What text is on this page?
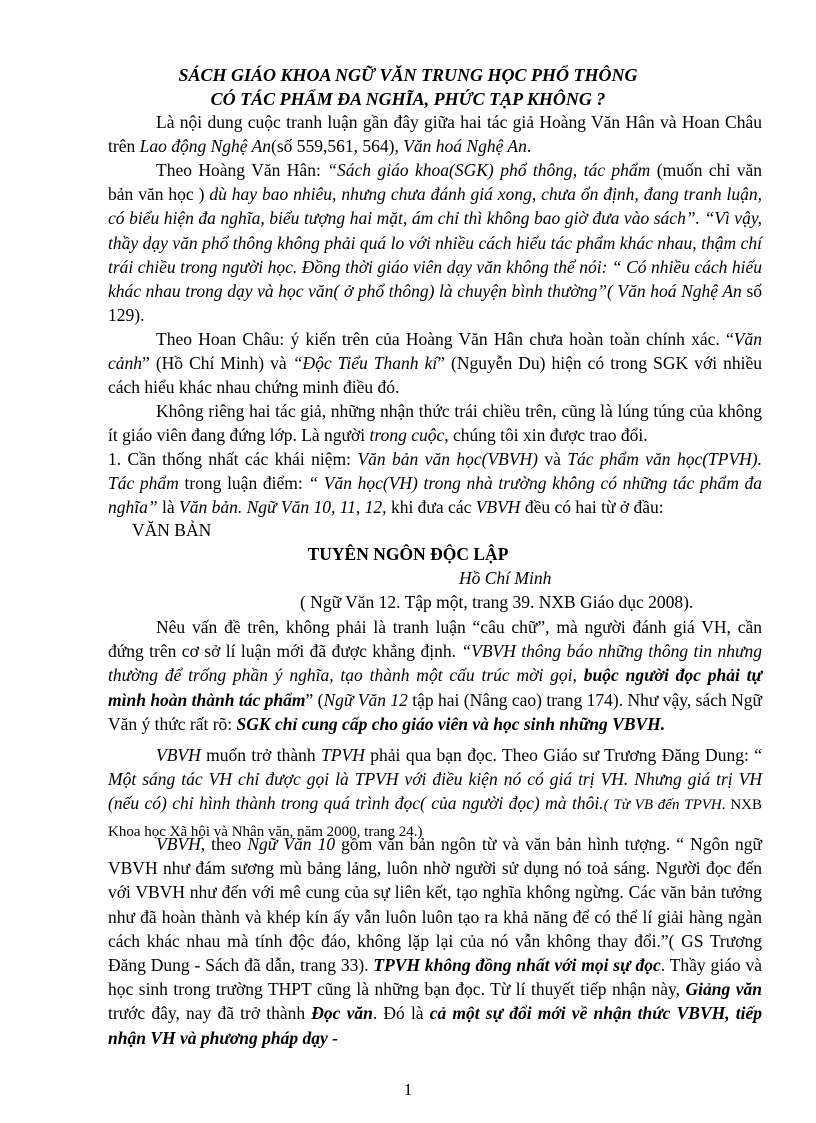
SÁCH GIÁO KHOA NGỮ VĂN TRUNG HỌC PHỔ THÔNG
CÓ TÁC PHẨM ĐA NGHĨA, PHỨC TẠP KHÔNG ?

Là nội dung cuộc tranh luận gần đây giữa hai tác giả Hoàng Văn Hân và Hoan Châu trên Lao động Nghệ An(số 559,561, 564), Văn hoá Nghệ An.

Theo Hoàng Văn Hân: “Sách giáo khoa(SGK) phổ thông, tác phẩm (muốn chỉ văn bản văn học ) dù hay bao nhiêu, nhưng chưa đánh giá xong, chưa ổn định, đang tranh luận, có biểu hiện đa nghĩa, biểu tượng hai mặt, ám chỉ thì không bao giờ đưa vào sách”. “Vì vậy, thầy dạy văn phổ thông không phải quá lo với nhiều cách hiểu tác phẩm khác nhau, thậm chí trái chiều trong người học. Đồng thời giáo viên dạy văn không thể nói: “ Có nhiều cách hiểu khác nhau trong dạy và học văn( ở phổ thông) là chuyện bình thường”( Văn hoá Nghệ An số 129).

Theo Hoan Châu: ý kiến trên của Hoàng Văn Hân chưa hoàn toàn chính xác. “Văn cảnh” (Hồ Chí Minh) và “Độc Tiểu Thanh kí” (Nguyễn Du) hiện có trong SGK với nhiều cách hiểu khác nhau chứng minh điều đó.

Không riêng hai tác giả, những nhận thức trái chiều trên, cũng là lúng túng của không ít giáo viên đang đứng lớp. Là người trong cuộc, chúng tôi xin được trao đổi.

1. Cần thống nhất các khái niệm: Văn bản văn học(VBVH) và Tác phẩm văn học(TPVH). Tác phẩm trong luận điểm: “ Văn học(VH) trong nhà trường không có những tác phẩm đa nghĩa” là Văn bản. Ngữ Văn 10, 11, 12, khi đưa các VBVH đều có hai từ ở đầu:

VĂN BẢN
TUYÊN NGÔN ĐỘC LẬP
Hồ Chí Minh
( Ngữ Văn 12. Tập một, trang 39. NXB Giáo dục 2008).

Nêu vấn đề trên, không phải là tranh luận “câu chữ”, mà người đánh giá VH, cần đứng trên cơ sở lí luận mới đã được khẳng định. “VBVH thông báo những thông tin nhưng thường để trống phần ý nghĩa, tạo thành một cấu trúc mời gọi, buộc người đọc phải tự mình hoàn thành tác phẩm” (Ngữ Văn 12 tập hai (Nâng cao) trang 174). Như vậy, sách Ngữ Văn ý thức rất rõ: SGK chỉ cung cấp cho giáo viên và học sinh những VBVH.

VBVH muốn trở thành TPVH phải qua bạn đọc. Theo Giáo sư Trương Đăng Dung: “ Một sáng tác VH chỉ được gọi là TPVH với điều kiện nó có giá trị VH. Nhưng giá trị VH (nếu có) chỉ hình thành trong quá trình đọc( của người đọc) mà thôi.( Từ VB đến TPVH. NXB Khoa học Xã hội và Nhân văn, năm 2000, trang 24.)

VBVH, theo Ngữ Văn 10 gồm văn bản ngôn từ và văn bản hình tượng. “ Ngôn ngữ VBVH như đám sương mù bảng lảng, luôn nhờ người sử dụng nó toả sáng. Người đọc đến với VBVH như đến với mê cung của sự liên kết, tạo nghĩa không ngừng. Các văn bản tưởng như đã hoàn thành và khép kín ấy vẫn luôn luôn tạo ra khả năng để có thể lí giải hàng ngàn cách khác nhau mà tính độc đáo, không lặp lại của nó vẫn không thay đổi.”( GS Trương Đăng Dung - Sách đã dẫn, trang 33). TPVH không đồng nhất với mọi sự đọc. Thầy giáo và học sinh trong trường THPT cũng là những bạn đọc. Từ lí thuyết tiếp nhận này, Giảng văn trước đây, nay đã trở thành Đọc văn. Đó là cả một sự đổi mới về nhận thức VBVH, tiếp nhận VH và phương pháp dạy -

1
